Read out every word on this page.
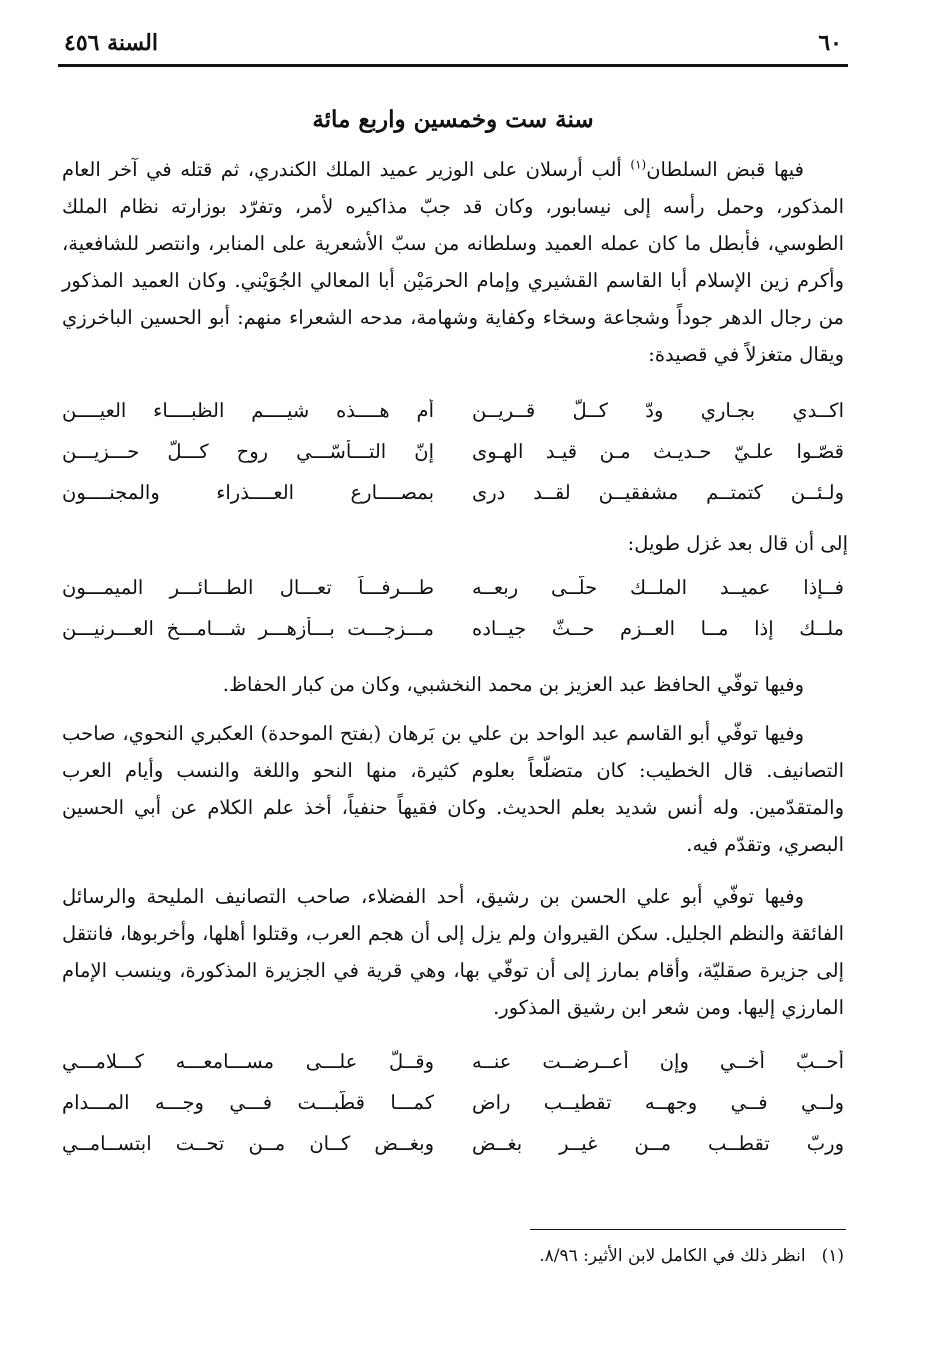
٦٠
السنة ٤٥٦
سنة ست وخمسين واربع مائة

فيها قبض السلطان$^{(١)}$ ألب أرسلان على الوزير عميد الملك الكندري، ثم قتله في آخر العام المذكور، وحمل رأسه إلى نيسابور، وكان قد جبّ مذاكيره لأمر، وتفرّد بوزارته نظام الملك الطوسي، فأبطل ما كان عمله العميد وسلطانه من سبّ الأشعرية على المنابر، وانتصر للشافعية، وأكرم زين الإسلام أبا القاسم القشيري وإمام الحرمَيْن أبا المعالي الجُوَيْني. وكان العميد المذكور من رجال الدهر جوداً وشجاعة وسخاء وكفاية وشهامة، مدحه الشعراء منهم: أبو الحسين الباخرزي ويقال متغزلاً في قصيدة:

اكــدي بجـاري ودّ كــلّ قــريــن
أم هــــذه شيــــم الظبــــاء العيــــن
قصّـوا علـيّ حـديـث مـن قيـد الهـوى
إنّ التـــأسّـــي روح كـــلّ حـــزيـــن
ولـئــن كتمتــم مشفقيــن لقــد درى
بمصــــارع العــــذراء والمجنــــون
إلى أن قال بعد غزل طويل:
فــإذا عميــد الملــك حلّــى ربعــه
طـــرفـــاً تعـــال الطـــائـــر الميمـــون
ملــك إذا مــا العــزم حــثّ جيــاده
مـــزجـــت بـــأزهـــر شـــامـــخ العـــرنيـــن

وفيها توفّي الحافظ عبد العزيز بن محمد النخشبي، وكان من كبار الحفاظ.

وفيها توفّي أبو القاسم عبد الواحد بن علي بن بَرهان (بفتح الموحدة) العكبري النحوي، صاحب التصانيف. قال الخطيب: كان متضلّعاً بعلوم كثيرة، منها النحو واللغة والنسب وأيام العرب والمتقدّمين. وله أنس شديد بعلم الحديث. وكان فقيهاً حنفياً، أخذ علم الكلام عن أبي الحسين البصري، وتقدّم فيه.

وفيها توفّي أبو علي الحسن بن رشيق، أحد الفضلاء، صاحب التصانيف المليحة والرسائل الفائقة والنظم الجليل. سكن القيروان ولم يزل إلى أن هجم العرب، وقتلوا أهلها، وأخربوها، فانتقل إلى جزيرة صقليّة، وأقام بمارز إلى أن توفّي بها، وهي قرية في الجزيرة المذكورة، وينسب الإمام المارزي إليها. ومن شعر ابن رشيق المذكور.

أحــبّ أخــي وإن أعــرضــت عنــه
وقــلّ علـــى مســـامعـــه كـــلامـــي
ولــي فــي وجهــه تقطيــب راضٍ
كمـــا قطّبـــت فـــي وجـــه المـــدام
وربّ تقطــب مــن غيــر بغــض
وبغــض كــان مــن تحــت ابتســامــي
(١)انظر ذلك في الكامل لابن الأثير: ٨/٩٦.
